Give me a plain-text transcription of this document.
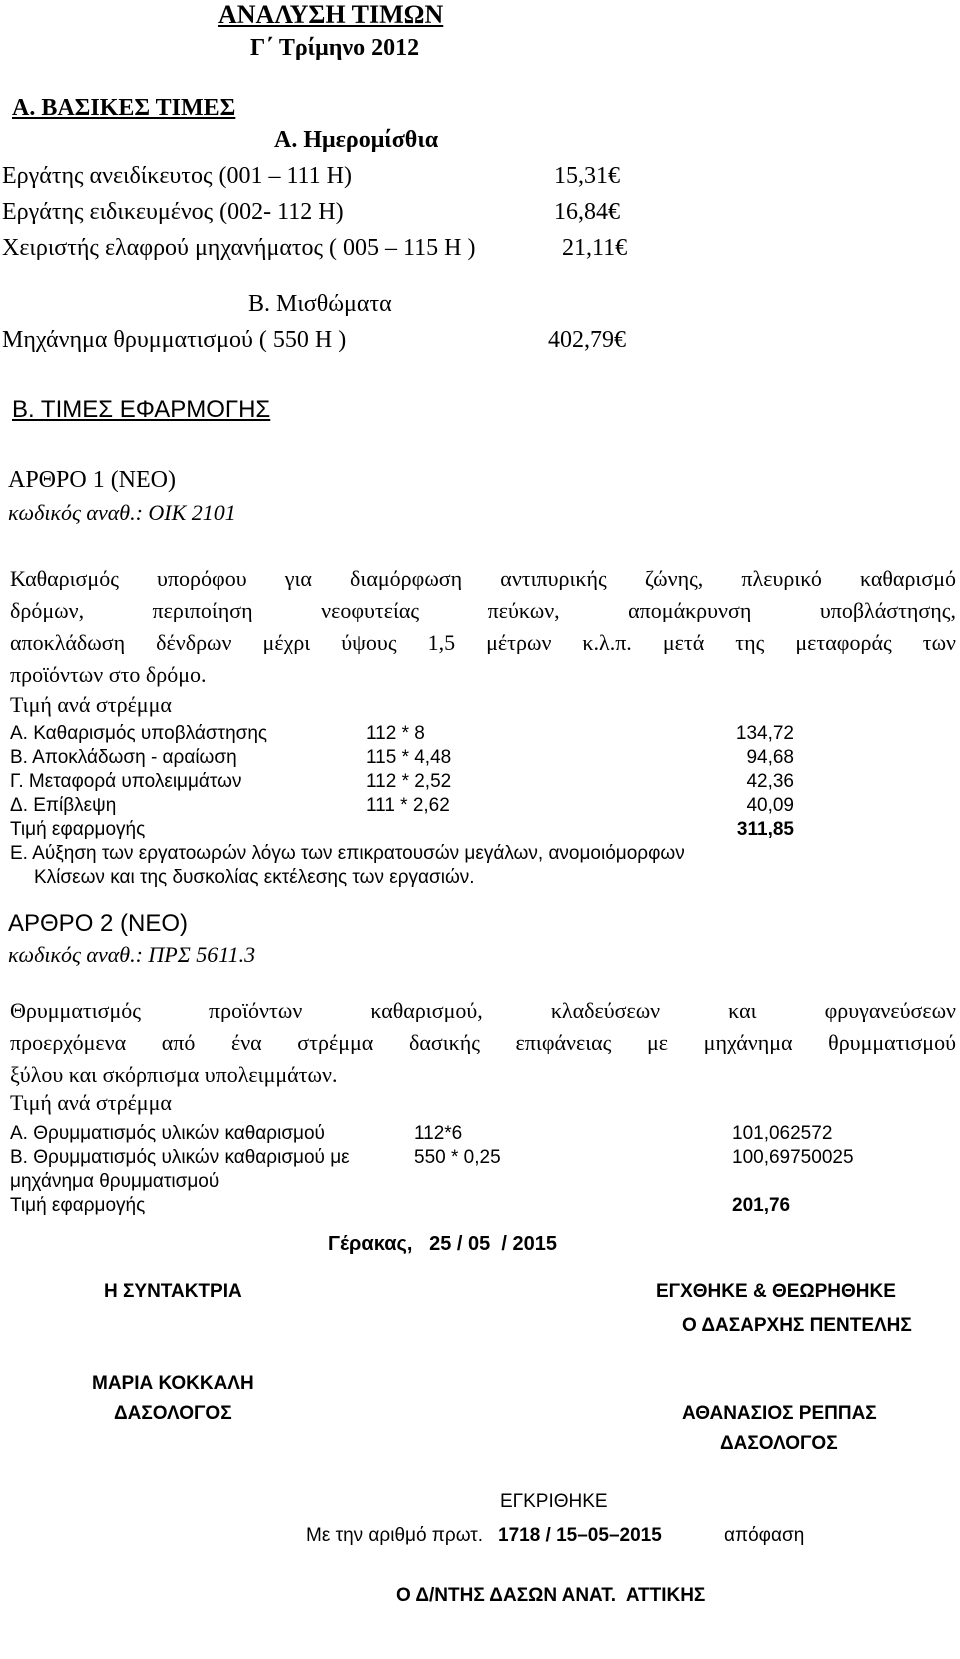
ΑΝΑΛΥΣΗ ΤΙΜΩΝ
Γ΄ Τρίμηνο 2012
Α. ΒΑΣΙΚΕΣ ΤΙΜΕΣ
Α. Ημερομίσθια
Εργάτης ανειδίκευτος (001 – 111 Η)	15,31€
Εργάτης ειδικευμένος (002- 112 Η)	16,84€
Χειριστής ελαφρού μηχανήματος ( 005 – 115 Η )	21,11€
Β. Μισθώματα
Μηχάνημα θρυμματισμού ( 550 Η )	402,79€
Β. ΤΙΜΕΣ ΕΦΑΡΜΟΓΗΣ
ΑΡΘΡΟ 1 (ΝΕΟ)
κωδικός αναθ.: ΟΙΚ 2101
Καθαρισμός υπορόφου για διαμόρφωση αντιπυρικής ζώνης, πλευρικό καθαρισμό
δρόμων, περιποίηση νεοφυτείας πεύκων, απομάκρυνση υποβλάστησης,
αποκλάδωση δένδρων μέχρι ύψους 1,5 μέτρων κ.λ.π. μετά της μεταφοράς των
προϊόντων στο δρόμο.
Τιμή ανά στρέμμα
Α. Καθαρισμός υποβλάστησης	112 * 8	134,72
Β. Αποκλάδωση - αραίωση	115 * 4,48	94,68
Γ. Μεταφορά υπολειμμάτων	112 * 2,52	42,36
Δ. Επίβλεψη	111 * 2,62	40,09
Τιμή εφαρμογής	311,85
Ε. Αύξηση των εργατοωρών λόγω των επικρατουσών μεγάλων, ανομοιόμορφων
Κλίσεων και της δυσκολίας εκτέλεσης των εργασιών.
ΑΡΘΡΟ 2 (ΝΕΟ)
κωδικός αναθ.: ΠΡΣ 5611.3
Θρυμματισμός προϊόντων καθαρισμού, κλαδεύσεων και φρυγανεύσεων
προερχόμενα από ένα στρέμμα δασικής επιφάνειας με μηχάνημα θρυμματισμού
ξύλου και σκόρπισμα υπολειμμάτων.
Τιμή ανά στρέμμα
Α. Θρυμματισμός υλικών καθαρισμού	112*6	101,062572
Β. Θρυμματισμός υλικών καθαρισμού με	550 * 0,25	100,69750025
μηχάνημα θρυμματισμού
Τιμή εφαρμογής	201,76
Γέρακας,   25 / 05  / 2015
Η ΣΥΝΤΑΚΤΡΙΑ	ΕΓΧΘΗΚΕ & ΘΕΩΡΗΘΗΚΕ
Ο ΔΑΣΑΡΧΗΣ ΠΕΝΤΕΛΗΣ
ΜΑΡΙΑ ΚΟΚΚΑΛΗ
ΔΑΣΟΛΟΓΟΣ	ΑΘΑΝΑΣΙΟΣ ΡΕΠΠΑΣ
ΔΑΣΟΛΟΓΟΣ
ΕΓΚΡΙΘΗΚΕ
Με την αριθμό πρωτ. 1718 / 15–05–2015	απόφαση
Ο Δ/ΝΤΗΣ ΔΑΣΩΝ ΑΝΑΤ.  ΑΤΤΙΚΗΣ
